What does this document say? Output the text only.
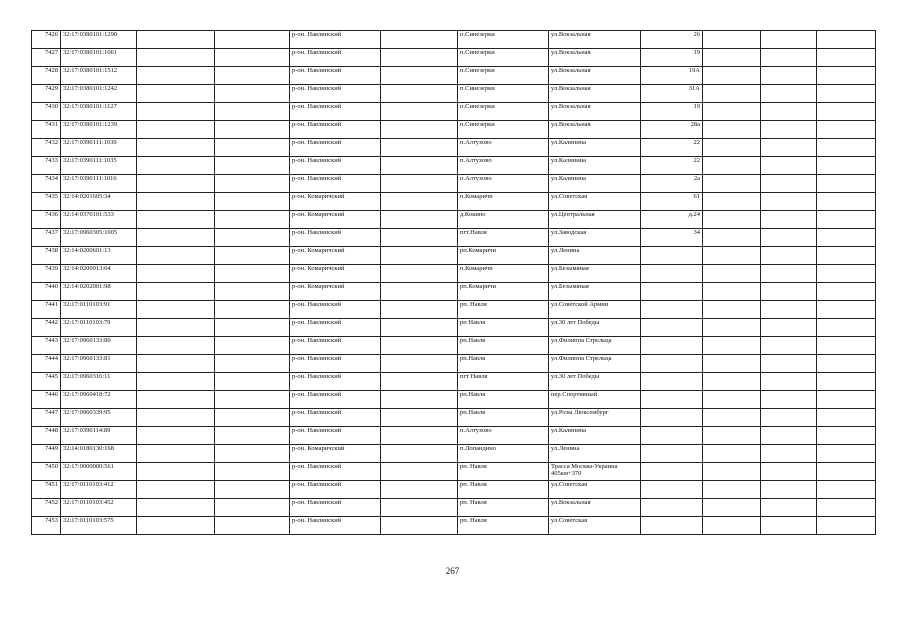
7426	32:17:0380101:1290			р-он. Навлинский		п.Синезерки	ул.Вокзальная	26			
7427	32:17:0380101:1061			р-он. Навлинский		п.Синезерки	ул.Вокзальная	19			
7428	32:17:0380101:1512			р-он. Навлинский		п.Синезерки	ул.Вокзальная	19А			
7429	32:17:0380101:1242			р-он. Навлинский		п.Синезерки	ул.Вокзальная	31А			
7430	32:17:0380101:1127			р-он. Навлинский		п.Синезерки	ул.Вокзальная	19			
7431	32:17:0380101:1239			р-он. Навлинский		п.Синезерки	ул.Вокзальная	28а			
7432	32:17:0390111:1030			р-он. Навлинский		п.Алтухово	ул.Калинина	22			
7433	32:17:0390111:1035			р-он. Навлинский		п.Алтухово	ул.Калинина	22			
7434	32:17:0390111:1016			р-он. Навлинский		п.Алтухово	ул.Калинина	2а			
7435	32:14:0201605:34			р-он. Комаричский		п.Комаричи	ул.Советская	61			
7436	32:14:0370101:533			р-он. Комаричский		д.Кокино	ул.Центральная	д.24			
7437	32:17:0960305:1005			р-он. Навлинский		пгт.Навля	ул.Заводская	34			
7438	32:14:0200601:13			р-он. Комаричский		рп.Комаричи	ул.Ленина				
7439	32:14:0200913:64			р-он. Комаричский		п.Комаричи	ул.Безымяная				
7440	32:14:0202001:98			р-он. Комаричский		рп.Комаричи	ул.Безымяная				
7441	32:17:0110103:91			р-он. Навлинский		рп. Навля	ул.Советской Армии				
7442	32:17:0110103:79			р-он. Навлинский		рп Навля	ул.30 лет Победы				
7443	32:17:0960133:80			р-он. Навлинский		рп.Навля	ул.Филиппа Стрельца				
7444	32:17:0960133:81			р-он. Навлинский		рп.Навля	ул.Филиппа Стрельца				
7445	32:17:0960316:11			р-он. Навлинский		пгт Навля	ул.30 лет Победы				
7446	32:17:0960418:72			р-он. Навлинский		рп.Навля	пер.Спортивный				
7447	32:17:0960339:95			р-он. Навлинский		рп.Навля	ул.Розы Люксембург				
7448	32:17:0390114:89			р-он. Навлинский		п.Алтухово	ул.Калинина				
7449	32:14:0180130:168			р-он. Комаричский		п.Лопандино	ул.Ленина				
7450	32:17:0000000:561			р-он. Навлинский		рп. Навля	Трасса Москва-Украина 405км+370				
7451	32:17:0110103:412			р-он. Навлинский		рп. Навля	ул.Советская				
7452	32:17:0110103:452			р-он. Навлинский		рп. Навля	ул.Вокзальная				
7453	32:17:0110103:575			р-он. Навлинский		рп. Навля	ул.Советская				
267
